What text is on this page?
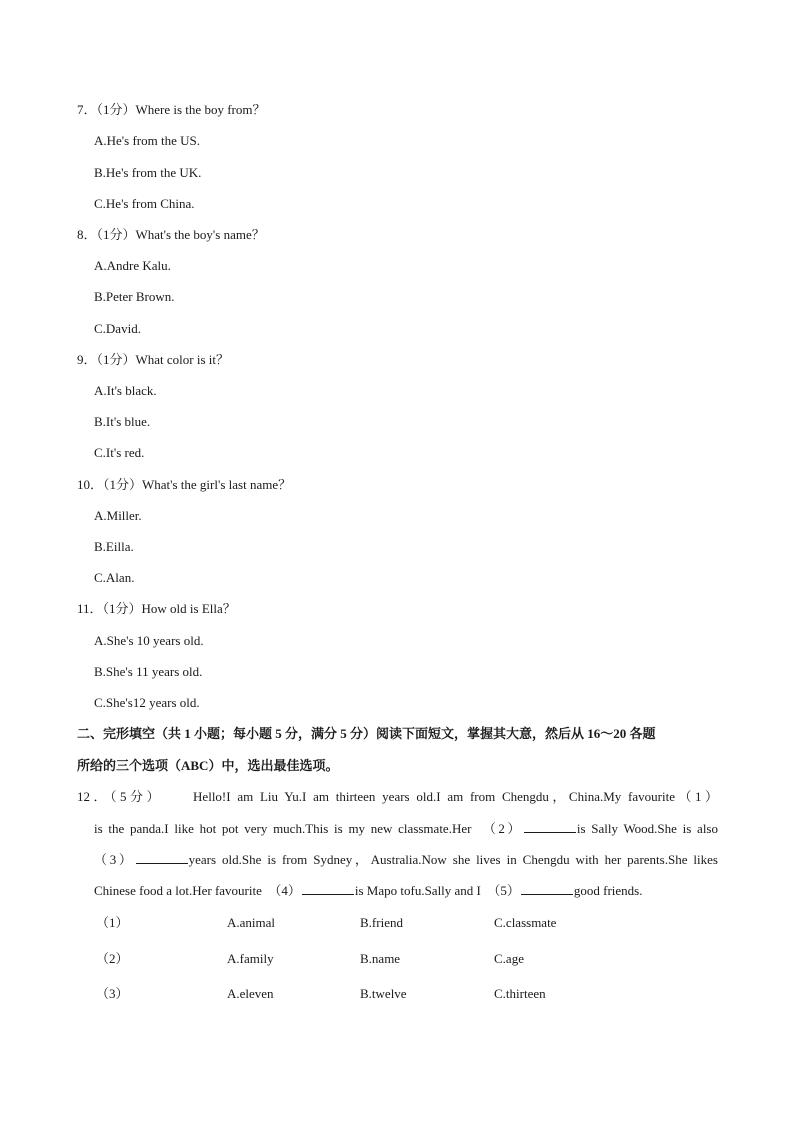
7．（1分）Where is the boy from？
A.He's from the US.
B.He's from the UK.
C.He's from China.
8．（1分）What's the boy's name？
A.Andre Kalu.
B.Peter Brown.
C.David.
9．（1分）What color is it？
A.It's black.
B.It's blue.
C.It's red.
10．（1分）What's the girl's last name？
A.Miller.
B.Eilla.
C.Alan.
11．（1分）How old is Ella？
A.She's 10 years old.
B.She's 11 years old.
C.She's12 years old.
二、完形填空（共 1 小题；每小题 5 分，满分 5 分）阅读下面短文，掌握其大意，然后从 16～20 各题
所给的三个选项（ABC）中，选出最佳选项。
12．（5分） Hello!I am Liu Yu.I am thirteen years old.I am from Chengdu，China.My favourite（1）
is the panda.I like hot pot very much.This is my new classmate.Her　（2）	is Sally Wood.She is also
（3）	years old.She is from Sydney，Australia.Now she lives in Chengdu with her parents.She likes
Chinese food a lot.Her favourite　（4）	is Mapo tofu.Sally and I　（5）	good friends.
（1）	A.animal	B.friend	C.classmate
（2）	A.family	B.name	C.age
（3）	A.eleven	B.twelve	C.thirteen
